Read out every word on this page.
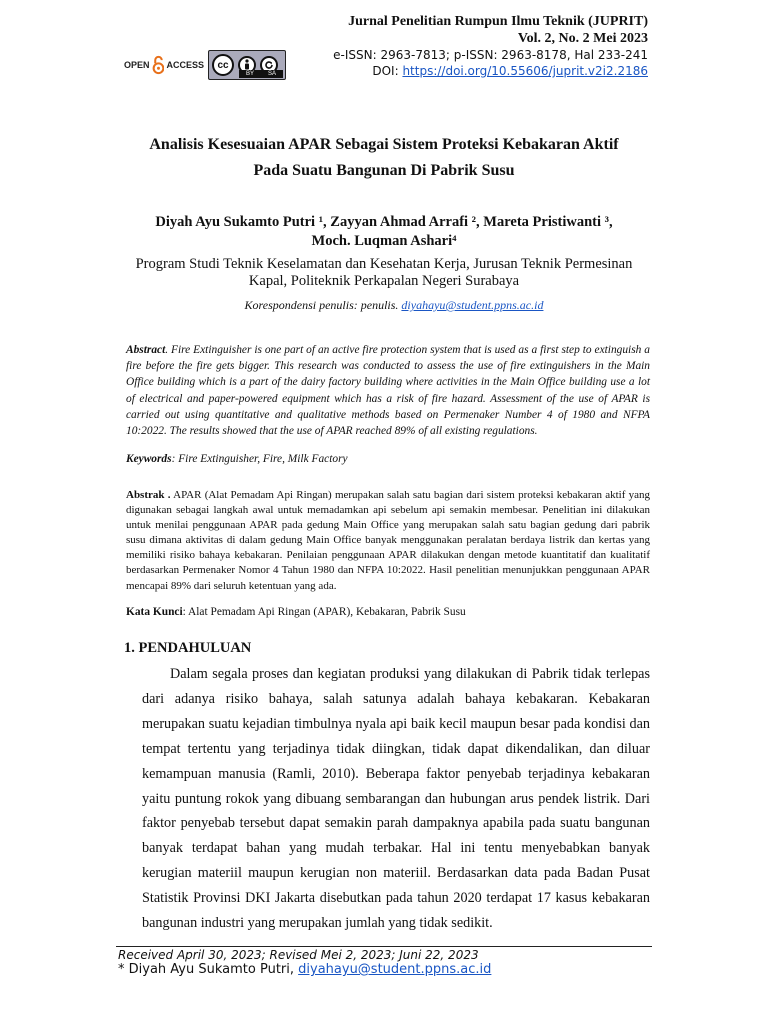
OPEN ACCESS	cc
BY SA
Jurnal Penelitian Rumpun Ilmu Teknik (JUPRIT)
Vol. 2, No. 2 Mei 2023
e-ISSN: 2963-7813; p-ISSN: 2963-8178, Hal 233-241
DOI: https://doi.org/10.55606/juprit.v2i2.2186
Analisis Kesesuaian APAR Sebagai Sistem Proteksi Kebakaran Aktif
Pada Suatu Bangunan Di Pabrik Susu
Diyah Ayu Sukamto Putri ¹, Zayyan Ahmad Arrafi ², Mareta Pristiwanti ³,
Moch. Luqman Ashari⁴
Program Studi Teknik Keselamatan dan Kesehatan Kerja, Jurusan Teknik Permesinan
Kapal, Politeknik Perkapalan Negeri Surabaya
Korespondensi penulis: penulis. diyahayu@student.ppns.ac.id
Abstract. Fire Extinguisher is one part of an active fire protection system that is used as a first step to extinguish a fire before the fire gets bigger. This research was conducted to assess the use of fire extinguishers in the Main Office building which is a part of the dairy factory building where activities in the Main Office building use a lot of electrical and paper-powered equipment which has a risk of fire hazard. Assessment of the use of APAR is carried out using quantitative and qualitative methods based on Permenaker Number 4 of 1980 and NFPA 10:2022. The results showed that the use of APAR reached 89% of all existing regulations.
Keywords: Fire Extinguisher, Fire, Milk Factory
Abstrak . APAR (Alat Pemadam Api Ringan) merupakan salah satu bagian dari sistem proteksi kebakaran aktif yang digunakan sebagai langkah awal untuk memadamkan api sebelum api semakin membesar. Penelitian ini dilakukan untuk menilai penggunaan APAR pada gedung Main Office yang merupakan salah satu bagian gedung dari pabrik susu dimana aktivitas di dalam gedung Main Office banyak menggunakan peralatan berdaya listrik dan kertas yang memiliki risiko bahaya kebakaran. Penilaian penggunaan APAR dilakukan dengan metode kuantitatif dan kualitatif berdasarkan Permenaker Nomor 4 Tahun 1980 dan NFPA 10:2022. Hasil penelitian menunjukkan penggunaan APAR mencapai 89% dari seluruh ketentuan yang ada.
Kata Kunci: Alat Pemadam Api Ringan (APAR), Kebakaran, Pabrik Susu
1. PENDAHULUAN
Dalam segala proses dan kegiatan produksi yang dilakukan di Pabrik tidak terlepas dari adanya risiko bahaya, salah satunya adalah bahaya kebakaran. Kebakaran merupakan suatu kejadian timbulnya nyala api baik kecil maupun besar pada kondisi dan tempat tertentu yang terjadinya tidak diingkan, tidak dapat dikendalikan, dan diluar kemampuan manusia (Ramli, 2010). Beberapa faktor penyebab terjadinya kebakaran yaitu puntung rokok yang dibuang sembarangan dan hubungan arus pendek listrik. Dari faktor penyebab tersebut dapat semakin parah dampaknya apabila pada suatu bangunan banyak terdapat bahan yang mudah terbakar. Hal ini tentu menyebabkan banyak kerugian materiil maupun kerugian non materiil. Berdasarkan data pada Badan Pusat Statistik Provinsi DKI Jakarta disebutkan pada tahun 2020 terdapat 17 kasus kebakaran bangunan industri yang merupakan jumlah yang tidak sedikit.
Received April 30, 2023; Revised Mei 2, 2023; Juni 22, 2023
* Diyah Ayu Sukamto Putri, diyahayu@student.ppns.ac.id
